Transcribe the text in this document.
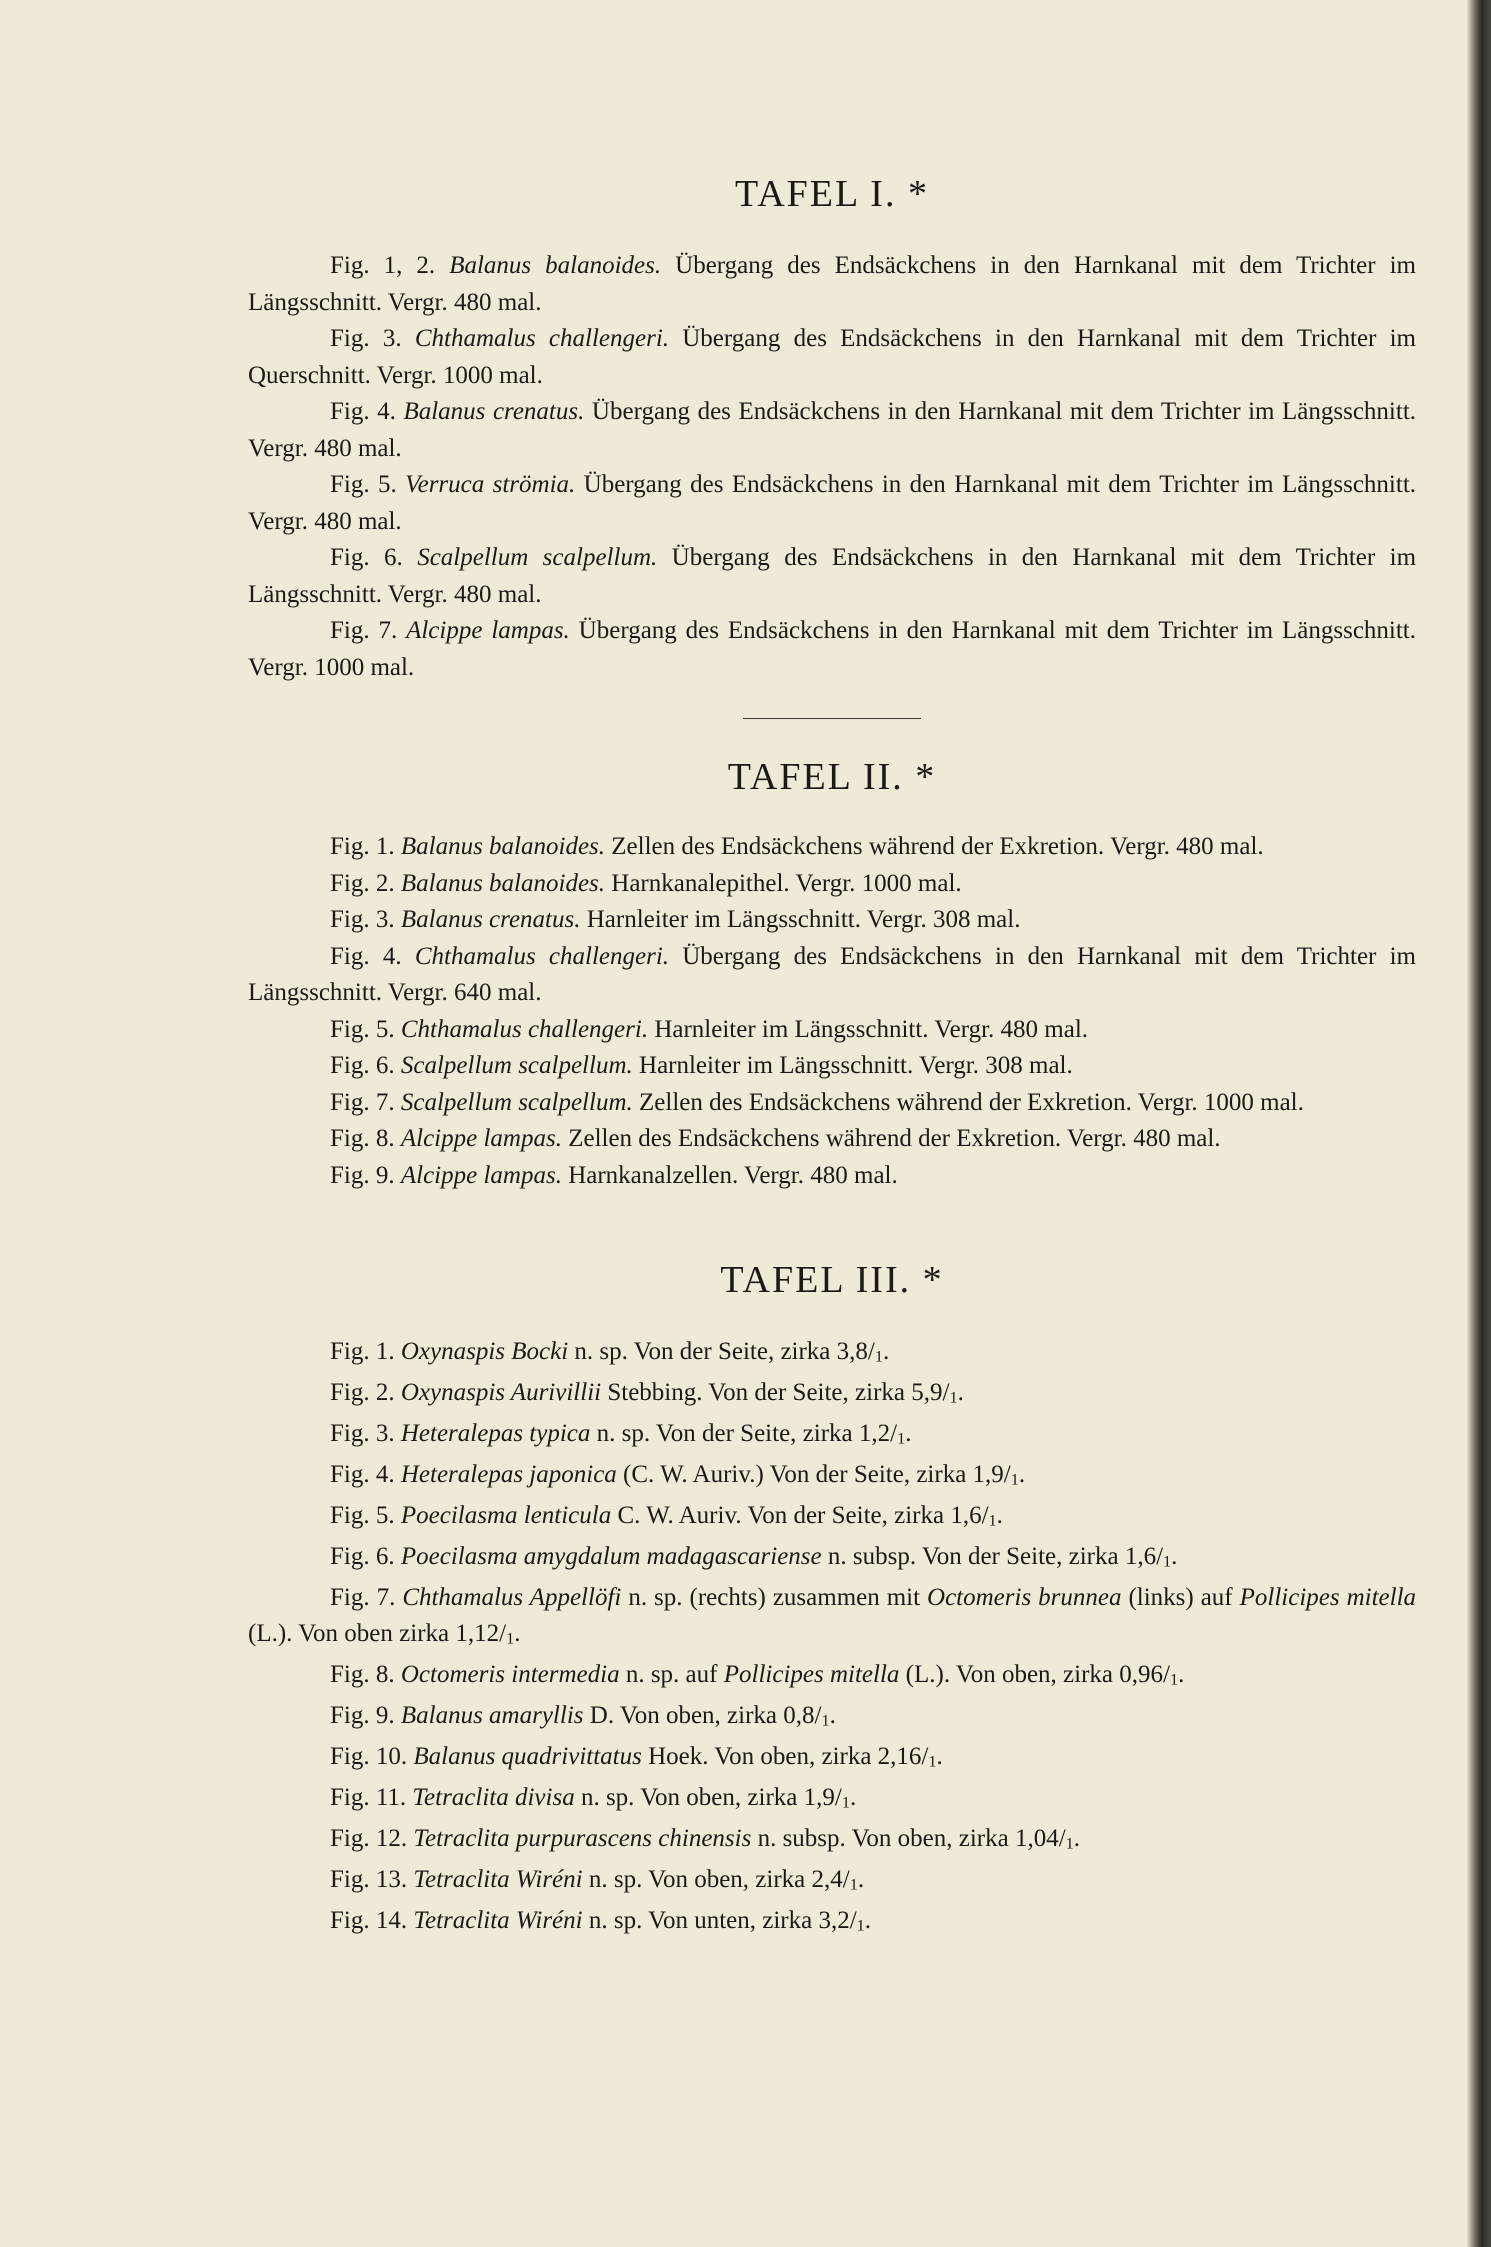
TAFEL I. *

Fig. 1, 2. Balanus balanoides. Übergang des Endsäckchens in den Harnkanal mit dem Trichter im Längsschnitt. Vergr. 480 mal.

Fig. 3. Chthamalus challengeri. Übergang des Endsäckchens in den Harnkanal mit dem Trichter im Querschnitt. Vergr. 1000 mal.

Fig. 4. Balanus crenatus. Übergang des Endsäckchens in den Harnkanal mit dem Trichter im Längsschnitt. Vergr. 480 mal.

Fig. 5. Verruca strömia. Übergang des Endsäckchens in den Harnkanal mit dem Trichter im Längsschnitt. Vergr. 480 mal.

Fig. 6. Scalpellum scalpellum. Übergang des Endsäckchens in den Harnkanal mit dem Trichter im Längsschnitt. Vergr. 480 mal.

Fig. 7. Alcippe lampas. Übergang des Endsäckchens in den Harnkanal mit dem Trichter im Längsschnitt. Vergr. 1000 mal.

TAFEL II. *

Fig. 1. Balanus balanoides. Zellen des Endsäckchens während der Exkretion. Vergr. 480 mal.

Fig. 2. Balanus balanoides. Harnkanalepithel. Vergr. 1000 mal.

Fig. 3. Balanus crenatus. Harnleiter im Längsschnitt. Vergr. 308 mal.

Fig. 4. Chthamalus challengeri. Übergang des Endsäckchens in den Harnkanal mit dem Trichter im Längsschnitt. Vergr. 640 mal.

Fig. 5. Chthamalus challengeri. Harnleiter im Längsschnitt. Vergr. 480 mal.

Fig. 6. Scalpellum scalpellum. Harnleiter im Längsschnitt. Vergr. 308 mal.

Fig. 7. Scalpellum scalpellum. Zellen des Endsäckchens während der Exkretion. Vergr. 1000 mal.

Fig. 8. Alcippe lampas. Zellen des Endsäckchens während der Exkretion. Vergr. 480 mal.

Fig. 9. Alcippe lampas. Harnkanalzellen. Vergr. 480 mal.

TAFEL III. *

Fig. 1. Oxynaspis Bocki n. sp. Von der Seite, zirka 3,8/1.

Fig. 2. Oxynaspis Aurivillii Stebbing. Von der Seite, zirka 5,9/1.

Fig. 3. Heteralepas typica n. sp. Von der Seite, zirka 1,2/1.

Fig. 4. Heteralepas japonica (C. W. Auriv.) Von der Seite, zirka 1,9/1.

Fig. 5. Poecilasma lenticula C. W. Auriv. Von der Seite, zirka 1,6/1.

Fig. 6. Poecilasma amygdalum madagascariense n. subsp. Von der Seite, zirka 1,6/1.

Fig. 7. Chthamalus Appellöfi n. sp. (rechts) zusammen mit Octomeris brunnea (links) auf Pollicipes mitella (L.). Von oben zirka 1,12/1.

Fig. 8. Octomeris intermedia n. sp. auf Pollicipes mitella (L.). Von oben, zirka 0,96/1.

Fig. 9. Balanus amaryllis D. Von oben, zirka 0,8/1.

Fig. 10. Balanus quadrivittatus Hoek. Von oben, zirka 2,16/1.

Fig. 11. Tetraclita divisa n. sp. Von oben, zirka 1,9/1.

Fig. 12. Tetraclita purpurascens chinensis n. subsp. Von oben, zirka 1,04/1.

Fig. 13. Tetraclita Wiréni n. sp. Von oben, zirka 2,4/1.

Fig. 14. Tetraclita Wiréni n. sp. Von unten, zirka 3,2/1.
